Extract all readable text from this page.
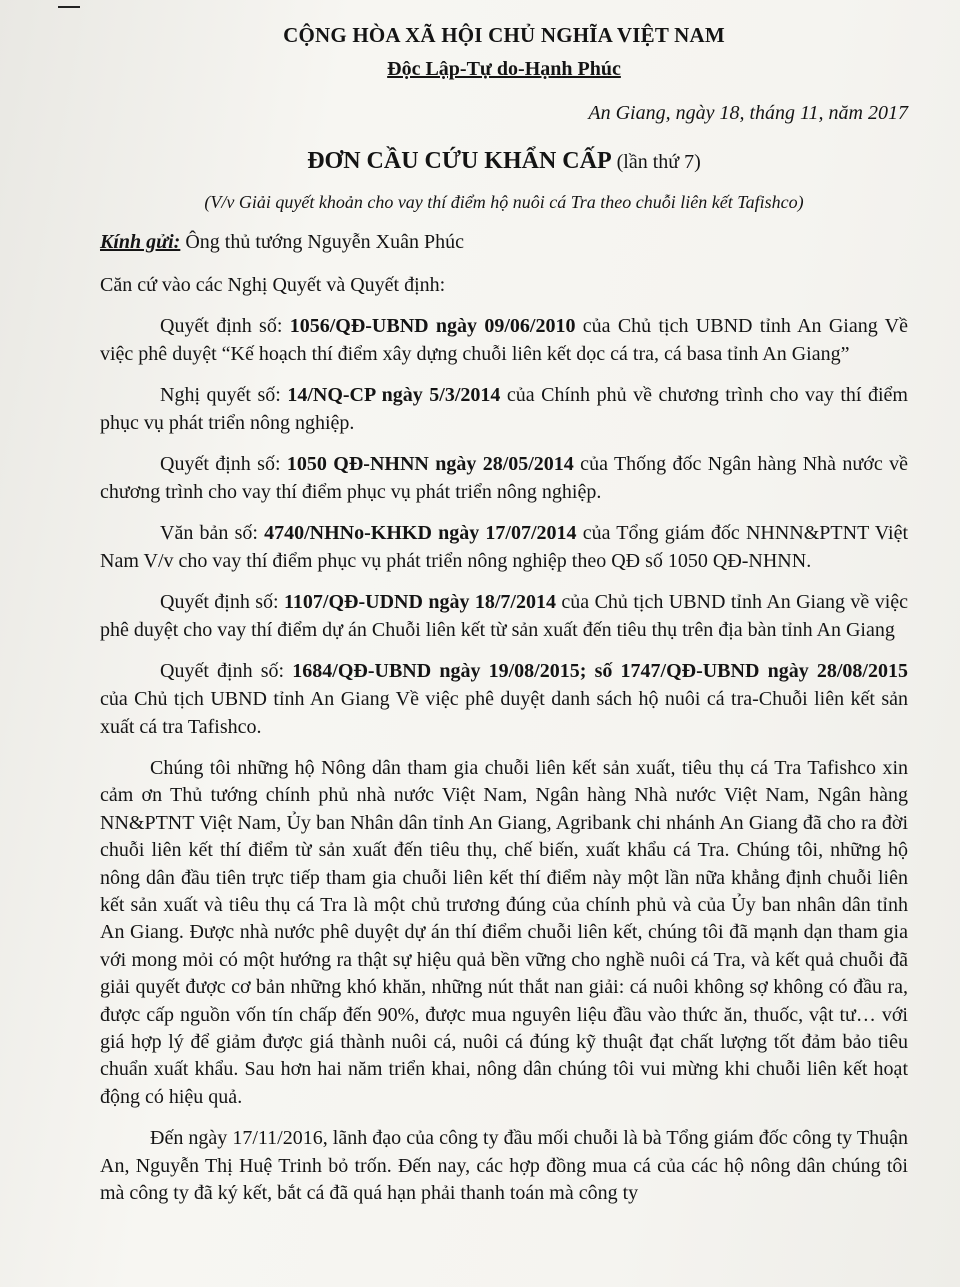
CỘNG HÒA XÃ HỘI CHỦ NGHĨA VIỆT NAM
Độc Lập-Tự do-Hạnh Phúc
An Giang, ngày 18, tháng 11, năm 2017
ĐƠN CẦU CỨU KHẨN CẤP (lần thứ 7)
(V/v Giải quyết khoản cho vay thí điểm hộ nuôi cá Tra theo chuỗi liên kết Tafishco)
Kính gửi: Ông thủ tướng Nguyễn Xuân Phúc

Căn cứ vào các Nghị Quyết và Quyết định:

Quyết định số: 1056/QĐ-UBND ngày 09/06/2010 của Chủ tịch UBND tỉnh An Giang Về việc phê duyệt “Kế hoạch thí điểm xây dựng chuỗi liên kết dọc cá tra, cá basa tỉnh An Giang”

Nghị quyết số: 14/NQ-CP ngày 5/3/2014 của Chính phủ về chương trình cho vay thí điểm phục vụ phát triển nông nghiệp.

Quyết định số: 1050 QĐ-NHNN ngày 28/05/2014 của Thống đốc Ngân hàng Nhà nước về chương trình cho vay thí điểm phục vụ phát triển nông nghiệp.

Văn bản số: 4740/NHNo-KHKD ngày 17/07/2014 của Tổng giám đốc NHNN&PTNT Việt Nam V/v cho vay thí điểm phục vụ phát triển nông nghiệp theo QĐ số 1050 QĐ-NHNN.

Quyết định số: 1107/QĐ-UDND ngày 18/7/2014 của Chủ tịch UBND tỉnh An Giang về việc phê duyệt cho vay thí điểm dự án Chuỗi liên kết từ sản xuất đến tiêu thụ trên địa bàn tỉnh An Giang

Quyết định số: 1684/QĐ-UBND ngày 19/08/2015; số 1747/QĐ-UBND ngày 28/08/2015 của Chủ tịch UBND tỉnh An Giang Về việc phê duyệt danh sách hộ nuôi cá tra-Chuỗi liên kết sản xuất cá tra Tafishco.

Chúng tôi những hộ Nông dân tham gia chuỗi liên kết sản xuất, tiêu thụ cá Tra Tafishco xin cảm ơn Thủ tướng chính phủ nhà nước Việt Nam, Ngân hàng Nhà nước Việt Nam, Ngân hàng NN&PTNT Việt Nam, Ủy ban Nhân dân tỉnh An Giang, Agribank chi nhánh An Giang đã cho ra đời chuỗi liên kết thí điểm từ sản xuất đến tiêu thụ, chế biến, xuất khẩu cá Tra. Chúng tôi, những hộ nông dân đầu tiên trực tiếp tham gia chuỗi liên kết thí điểm này một lần nữa khẳng định chuỗi liên kết sản xuất và tiêu thụ cá Tra là một chủ trương đúng của chính phủ và của Ủy ban nhân dân tỉnh An Giang. Được nhà nước phê duyệt dự án thí điểm chuỗi liên kết, chúng tôi đã mạnh dạn tham gia với mong mỏi có một hướng ra thật sự hiệu quả bền vững cho nghề nuôi cá Tra, và kết quả chuỗi đã giải quyết được cơ bản những khó khăn, những nút thắt nan giải: cá nuôi không sợ không có đầu ra, được cấp nguồn vốn tín chấp đến 90%, được mua nguyên liệu đầu vào thức ăn, thuốc, vật tư… với giá hợp lý để giảm được giá thành nuôi cá, nuôi cá đúng kỹ thuật đạt chất lượng tốt đảm bảo tiêu chuẩn xuất khẩu. Sau hơn hai năm triển khai, nông dân chúng tôi vui mừng khi chuỗi liên kết hoạt động có hiệu quả.

Đến ngày 17/11/2016, lãnh đạo của công ty đầu mối chuỗi là bà Tổng giám đốc công ty Thuận An, Nguyễn Thị Huệ Trinh bỏ trốn. Đến nay, các hợp đồng mua cá của các hộ nông dân chúng tôi mà công ty đã ký kết, bắt cá đã quá hạn phải thanh toán mà công ty
